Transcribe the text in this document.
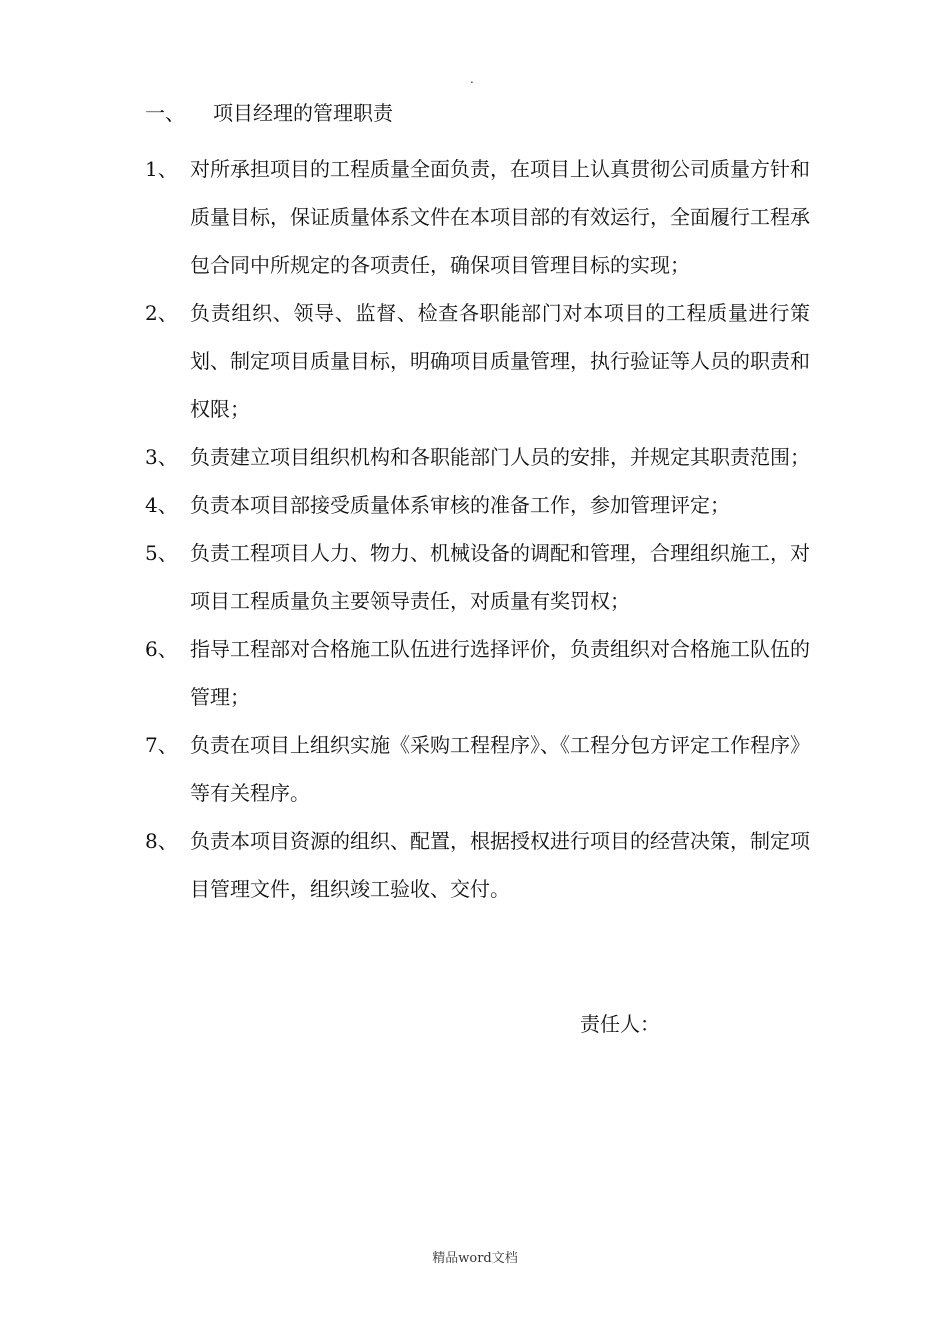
.
一、 项目经理的管理职责
1、 对所承担项目的工程质量全面负责，在项目上认真贯彻公司质量方针和质量目标，保证质量体系文件在本项目部的有效运行，全面履行工程承包合同中所规定的各项责任，确保项目管理目标的实现；
2、 负责组织、领导、监督、检查各职能部门对本项目的工程质量进行策划、制定项目质量目标，明确项目质量管理，执行验证等人员的职责和权限；
3、 负责建立项目组织机构和各职能部门人员的安排，并规定其职责范围；
4、 负责本项目部接受质量体系审核的准备工作，参加管理评定；
5、 负责工程项目人力、物力、机械设备的调配和管理，合理组织施工，对项目工程质量负主要领导责任，对质量有奖罚权；
6、 指导工程部对合格施工队伍进行选择评价，负责组织对合格施工队伍的管理；
7、 负责在项目上组织实施《采购工程程序》、《工程分包方评定工作程序》等有关程序。
8、 负责本项目资源的组织、配置，根据授权进行项目的经营决策，制定项目管理文件，组织竣工验收、交付。
责任人：
精品word文档
